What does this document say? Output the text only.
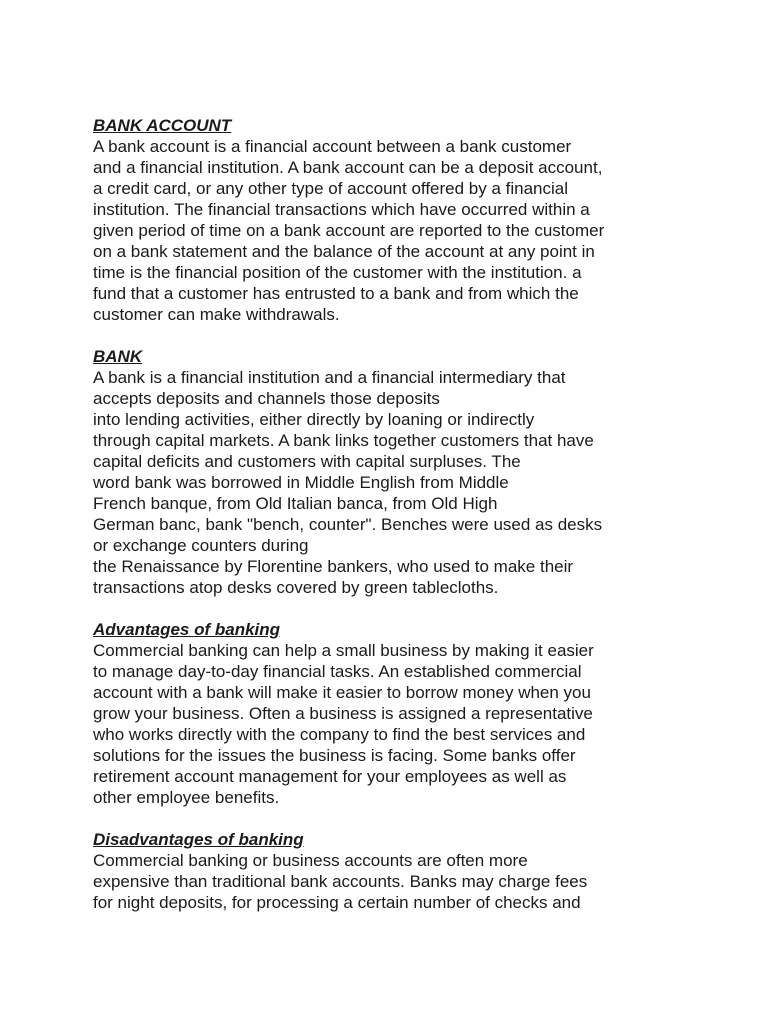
BANK ACCOUNT
A bank account is a financial account between a bank customer
and a financial institution. A bank account can be a deposit account,
a credit card, or any other type of account offered by a financial
institution. The financial transactions which have occurred within a
given period of time on a bank account are reported to the customer
on a bank statement and the balance of the account at any point in
time is the financial position of the customer with the institution. a
fund that a customer has entrusted to a bank and from which the
customer can make withdrawals.
BANK
A bank is a financial institution and a financial intermediary that
accepts deposits and channels those deposits
into lending activities, either directly by loaning or indirectly
through capital markets. A bank links together customers that have
capital deficits and customers with capital surpluses. The
word bank was borrowed in Middle English from Middle
French banque, from Old Italian banca, from Old High
German banc, bank "bench, counter". Benches were used as desks
or exchange counters during
the Renaissance by Florentine bankers, who used to make their
transactions atop desks covered by green tablecloths.
Advantages of banking
Commercial banking can help a small business by making it easier
to manage day-to-day financial tasks. An established commercial
account with a bank will make it easier to borrow money when you
grow your business. Often a business is assigned a representative
who works directly with the company to find the best services and
solutions for the issues the business is facing. Some banks offer
retirement account management for your employees as well as
other employee benefits.
Disadvantages of banking
Commercial banking or business accounts are often more
expensive than traditional bank accounts. Banks may charge fees
for night deposits, for processing a certain number of checks and
